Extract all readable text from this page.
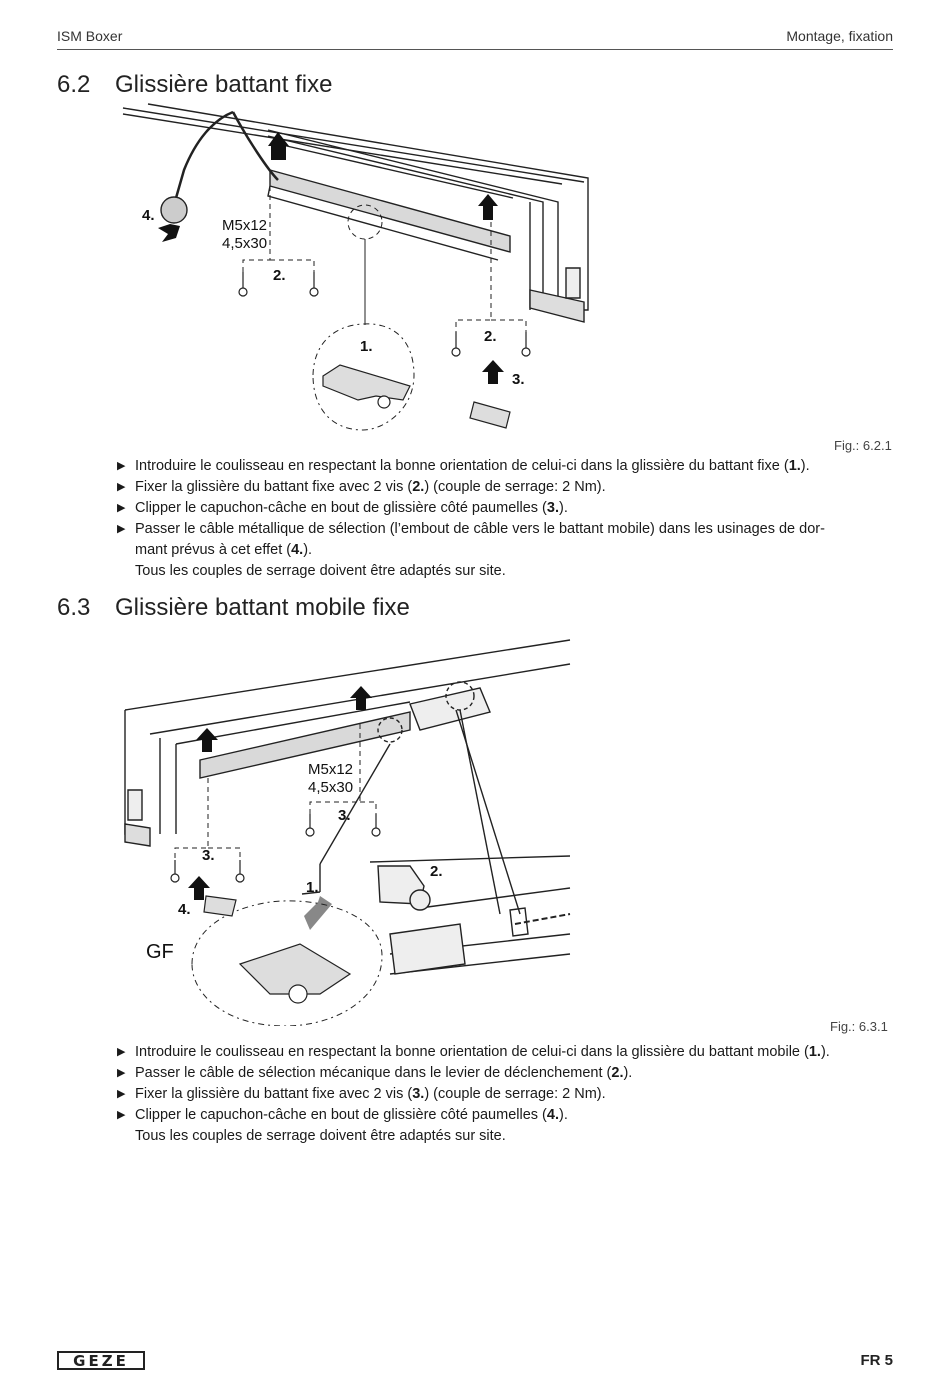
ISM Boxer	Montage, fixation
6.2 Glissière battant fixe
4.
M5x12
4,5x30
2.
2.
1.
3.
Fig.: 6.2.1
▶ Introduire le coulisseau en respectant la bonne orientation de celui-ci dans la glissière du battant fixe (1.).
▶ Fixer la glissière du battant fixe avec 2 vis (2.) (couple de serrage: 2 Nm).
▶ Clipper le capuchon-câche en bout de glissière côté paumelles (3.).
▶ Passer le câble métallique de sélection (l’embout de câble vers le battant mobile) dans les usinages de dor-
mant prévus à cet effet (4.).
Tous les couples de serrage doivent être adaptés sur site.
6.3 Glissière battant mobile fixe
M5x12
4,5x30
3.
3.
1.
2.
4.
GF
Fig.: 6.3.1
▶ Introduire le coulisseau en respectant la bonne orientation de celui-ci dans la glissière du battant mobile (1.).
▶ Passer le câble de sélection mécanique dans le levier de déclenchement (2.).
▶ Fixer la glissière du battant fixe avec 2 vis (3.) (couple de serrage: 2 Nm).
▶ Clipper le capuchon-câche en bout de glissière côté paumelles (4.).
Tous les couples de serrage doivent être adaptés sur site.
GEZE	FR 5
